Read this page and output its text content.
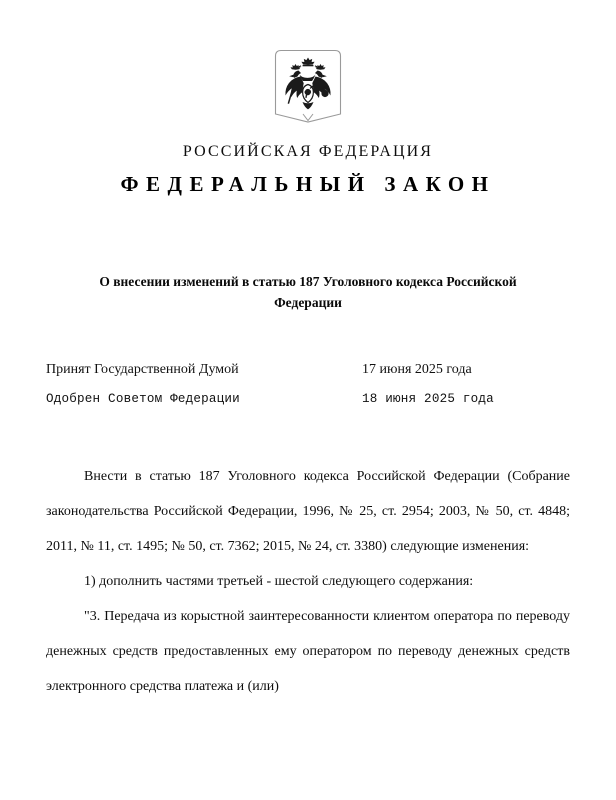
РОССИЙСКАЯ ФЕДЕРАЦИЯ
ФЕДЕРАЛЬНЫЙ ЗАКОН
О внесении изменений в статью 187 Уголовного кодекса Российской Федерации
Принят Государственной Думой	17 июня 2025 года
Одобрен Советом Федерации	18 июня 2025 года

Внести в статью 187 Уголовного кодекса Российской Федерации (Собрание законодательства Российской Федерации, 1996, № 25, ст. 2954; 2003, № 50, ст. 4848; 2011, № 11, ст. 1495; № 50, ст. 7362; 2015, № 24, ст. 3380) следующие изменения:

1) дополнить частями третьей - шестой следующего содержания:

"3. Передача из корыстной заинтересованности клиентом оператора по переводу денежных средств предоставленных ему оператором по переводу денежных средств электронного средства платежа и (или)
